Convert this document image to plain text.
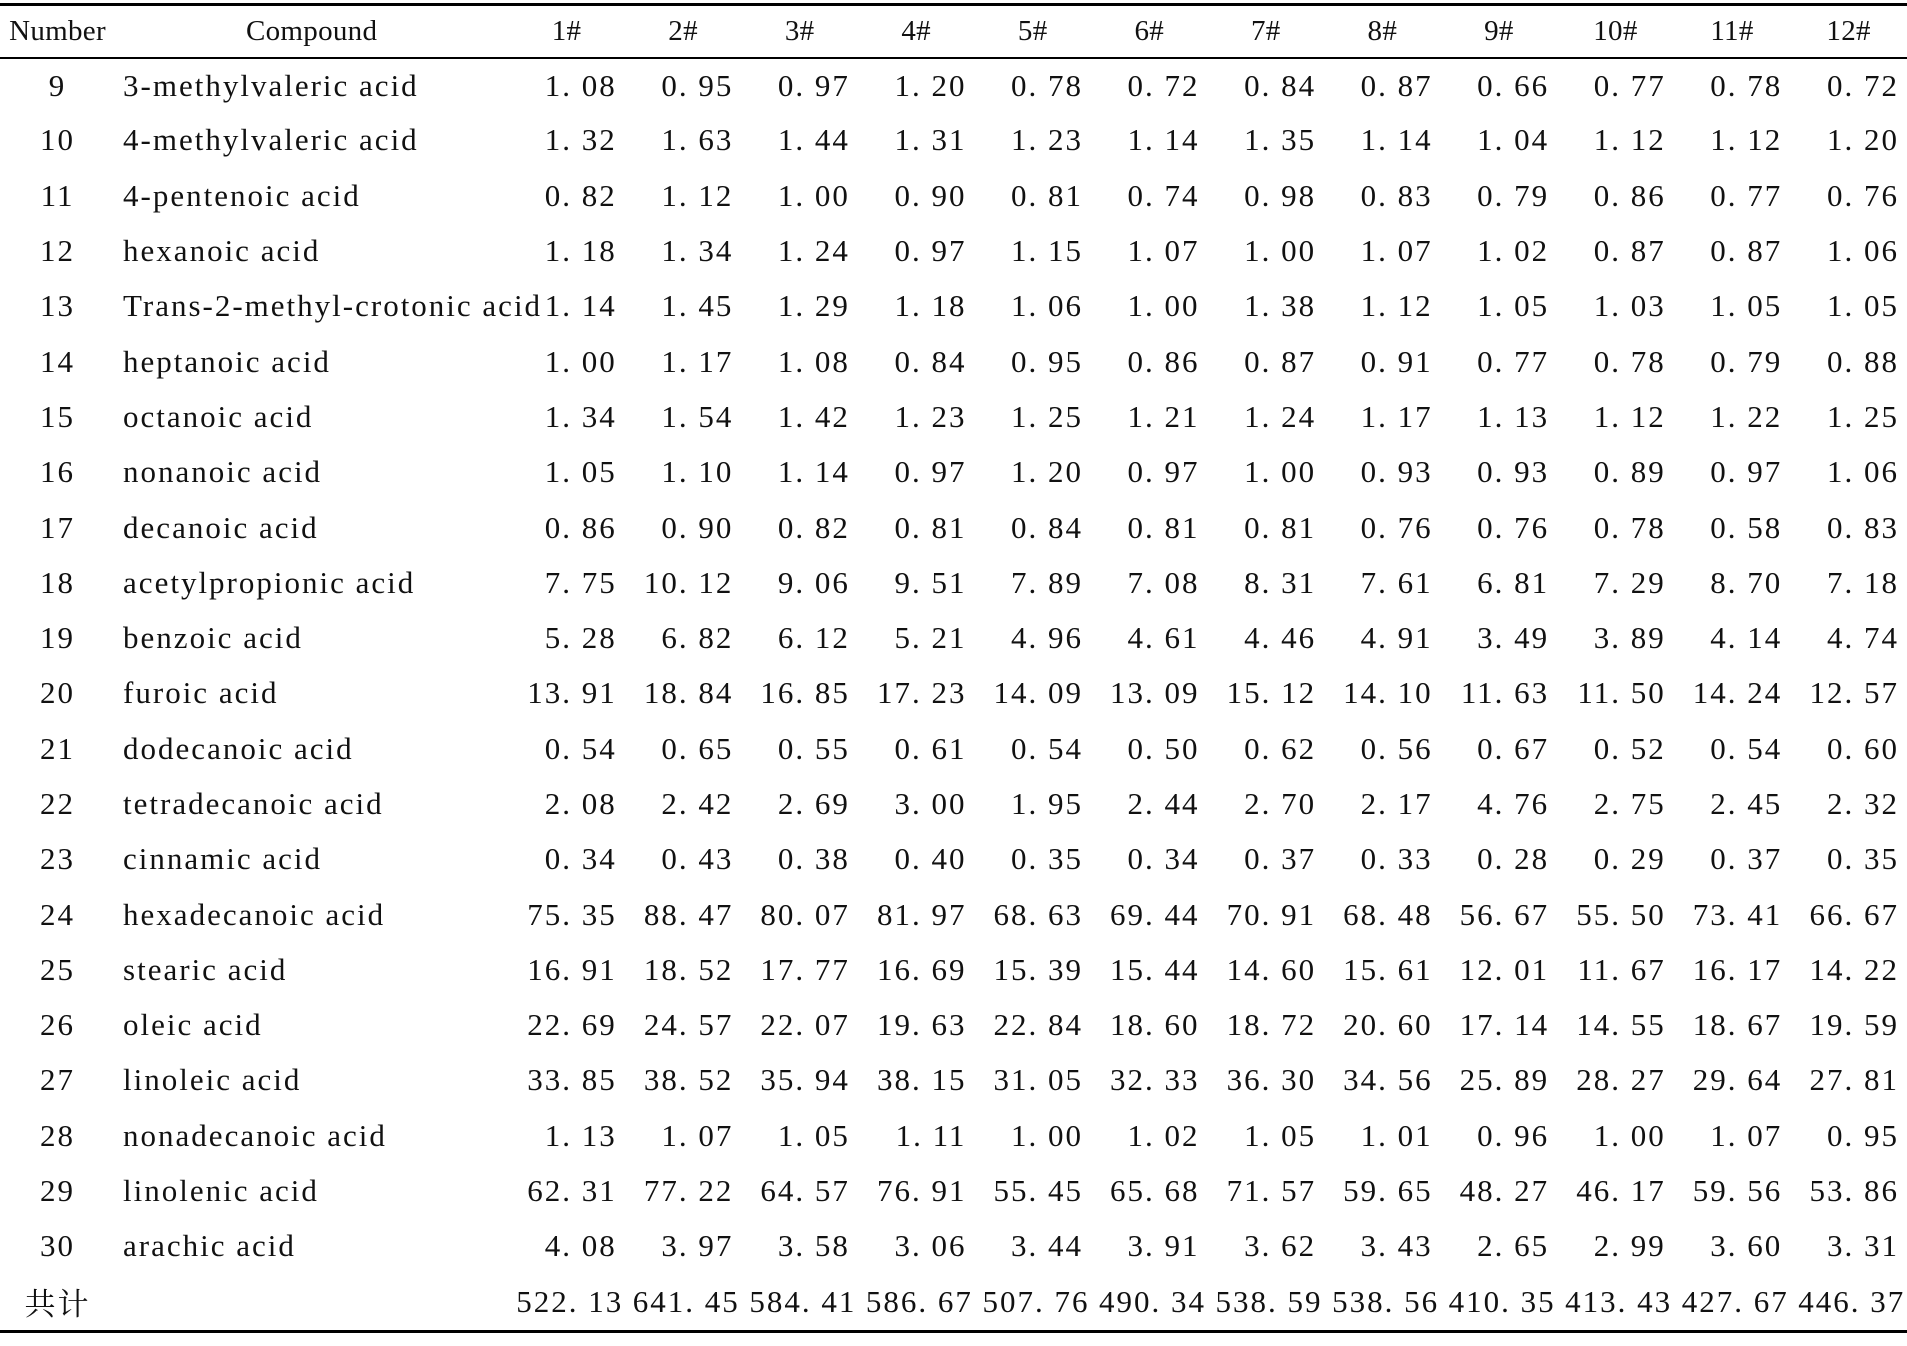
Number	Compound	1#	2#	3#	4#	5#	6#	7#	8#	9#	10#	11#	12#
9	3-methylvaleric acid	1. 08	0. 95	0. 97	1. 20	0. 78	0. 72	0. 84	0. 87	0. 66	0. 77	0. 78	0. 72
10	4-methylvaleric acid	1. 32	1. 63	1. 44	1. 31	1. 23	1. 14	1. 35	1. 14	1. 04	1. 12	1. 12	1. 20
11	4-pentenoic acid	0. 82	1. 12	1. 00	0. 90	0. 81	0. 74	0. 98	0. 83	0. 79	0. 86	0. 77	0. 76
12	hexanoic acid	1. 18	1. 34	1. 24	0. 97	1. 15	1. 07	1. 00	1. 07	1. 02	0. 87	0. 87	1. 06
13	Trans-2-methyl-crotonic acid	1. 14	1. 45	1. 29	1. 18	1. 06	1. 00	1. 38	1. 12	1. 05	1. 03	1. 05	1. 05
14	heptanoic acid	1. 00	1. 17	1. 08	0. 84	0. 95	0. 86	0. 87	0. 91	0. 77	0. 78	0. 79	0. 88
15	octanoic acid	1. 34	1. 54	1. 42	1. 23	1. 25	1. 21	1. 24	1. 17	1. 13	1. 12	1. 22	1. 25
16	nonanoic acid	1. 05	1. 10	1. 14	0. 97	1. 20	0. 97	1. 00	0. 93	0. 93	0. 89	0. 97	1. 06
17	decanoic acid	0. 86	0. 90	0. 82	0. 81	0. 84	0. 81	0. 81	0. 76	0. 76	0. 78	0. 58	0. 83
18	acetylpropionic acid	7. 75	10. 12	9. 06	9. 51	7. 89	7. 08	8. 31	7. 61	6. 81	7. 29	8. 70	7. 18
19	benzoic acid	5. 28	6. 82	6. 12	5. 21	4. 96	4. 61	4. 46	4. 91	3. 49	3. 89	4. 14	4. 74
20	furoic acid	13. 91	18. 84	16. 85	17. 23	14. 09	13. 09	15. 12	14. 10	11. 63	11. 50	14. 24	12. 57
21	dodecanoic acid	0. 54	0. 65	0. 55	0. 61	0. 54	0. 50	0. 62	0. 56	0. 67	0. 52	0. 54	0. 60
22	tetradecanoic acid	2. 08	2. 42	2. 69	3. 00	1. 95	2. 44	2. 70	2. 17	4. 76	2. 75	2. 45	2. 32
23	cinnamic acid	0. 34	0. 43	0. 38	0. 40	0. 35	0. 34	0. 37	0. 33	0. 28	0. 29	0. 37	0. 35
24	hexadecanoic acid	75. 35	88. 47	80. 07	81. 97	68. 63	69. 44	70. 91	68. 48	56. 67	55. 50	73. 41	66. 67
25	stearic acid	16. 91	18. 52	17. 77	16. 69	15. 39	15. 44	14. 60	15. 61	12. 01	11. 67	16. 17	14. 22
26	oleic acid	22. 69	24. 57	22. 07	19. 63	22. 84	18. 60	18. 72	20. 60	17. 14	14. 55	18. 67	19. 59
27	linoleic acid	33. 85	38. 52	35. 94	38. 15	31. 05	32. 33	36. 30	34. 56	25. 89	28. 27	29. 64	27. 81
28	nonadecanoic acid	1. 13	1. 07	1. 05	1. 11	1. 00	1. 02	1. 05	1. 01	0. 96	1. 00	1. 07	0. 95
29	linolenic acid	62. 31	77. 22	64. 57	76. 91	55. 45	65. 68	71. 57	59. 65	48. 27	46. 17	59. 56	53. 86
30	arachic acid	4. 08	3. 97	3. 58	3. 06	3. 44	3. 91	3. 62	3. 43	2. 65	2. 99	3. 60	3. 31
共计		522. 13	641. 45	584. 41	586. 67	507. 76	490. 34	538. 59	538. 56	410. 35	413. 43	427. 67	446. 37
